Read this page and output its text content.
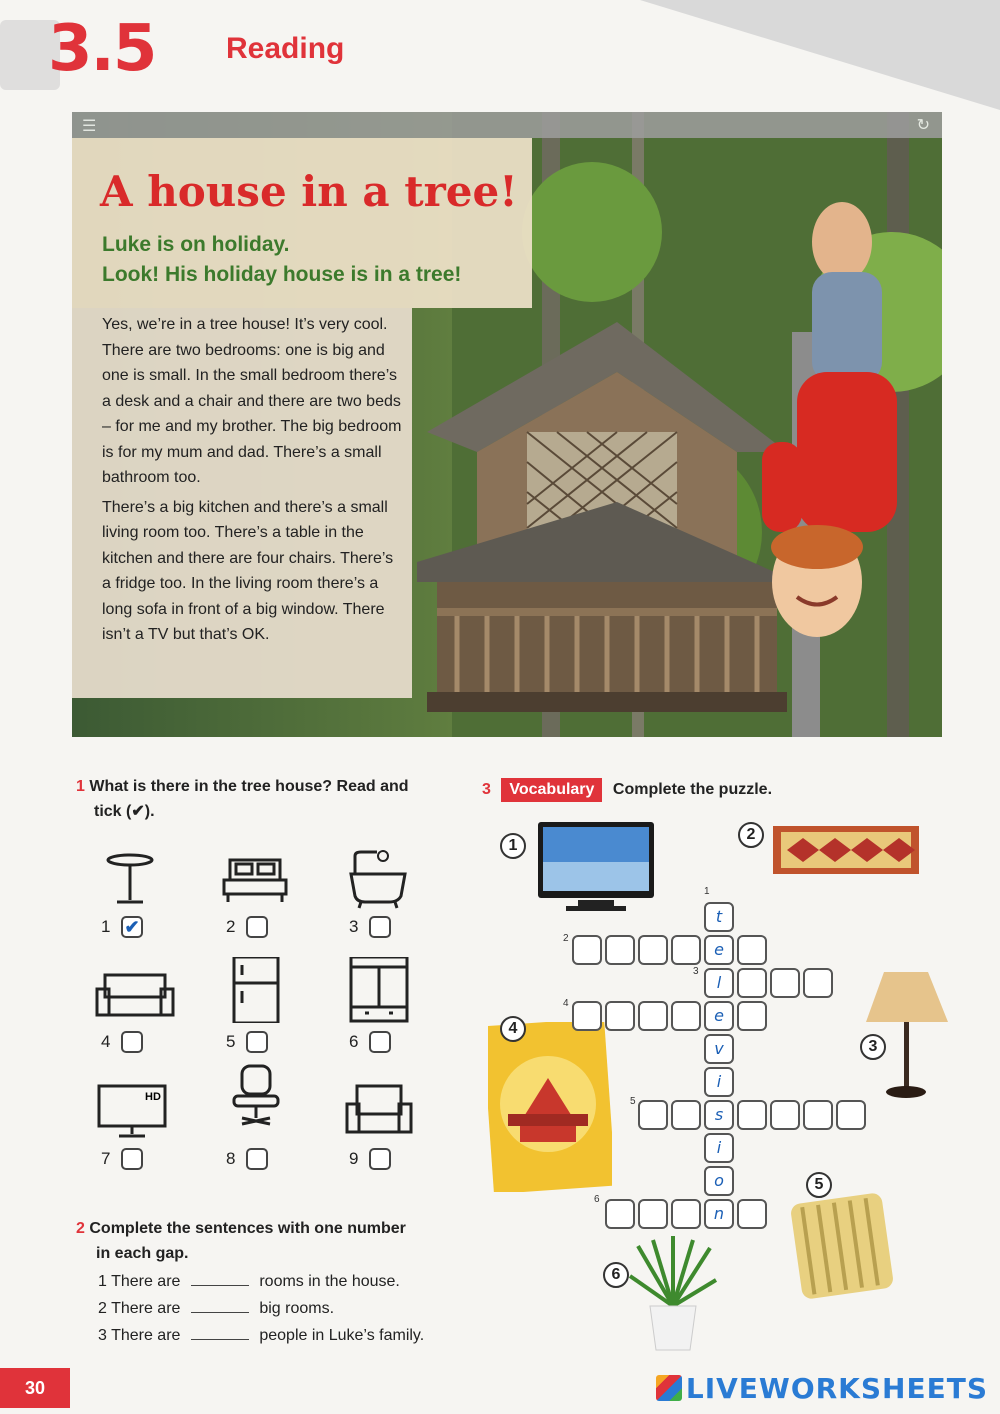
3.5 Reading
☰	↻
A house in a tree!
Luke is on holiday.
Look! His holiday house is in a tree!

Yes, we’re in a tree house! It’s very cool. There are two bedrooms: one is big and one is small. In the small bedroom there’s a desk and a chair and there are two beds – for me and my brother. The big bedroom is for my mum and dad. There’s a small bathroom too.

There’s a big kitchen and there’s a small living room too. There’s a table in the kitchen and there are four chairs. There’s a fridge too. In the living room there’s a long sofa in front of a big window. There isn’t a TV but that’s OK.

1 What is there in the tree house? Read and
tick (✔).
1 ✔	2	3
4	5	6
HD
7	8	9
2 Complete the sentences with one number
in each gap.
1 There are	rooms in the house.
2 There are	big rooms.
3 There are	people in Luke’s family.
3 Vocabulary Complete the puzzle.
1
2
3
4
5
6
1
2
3
4
5
6
t
e
l
e
v
i
s
i
o
n
30	LIVEWORKSHEETS
